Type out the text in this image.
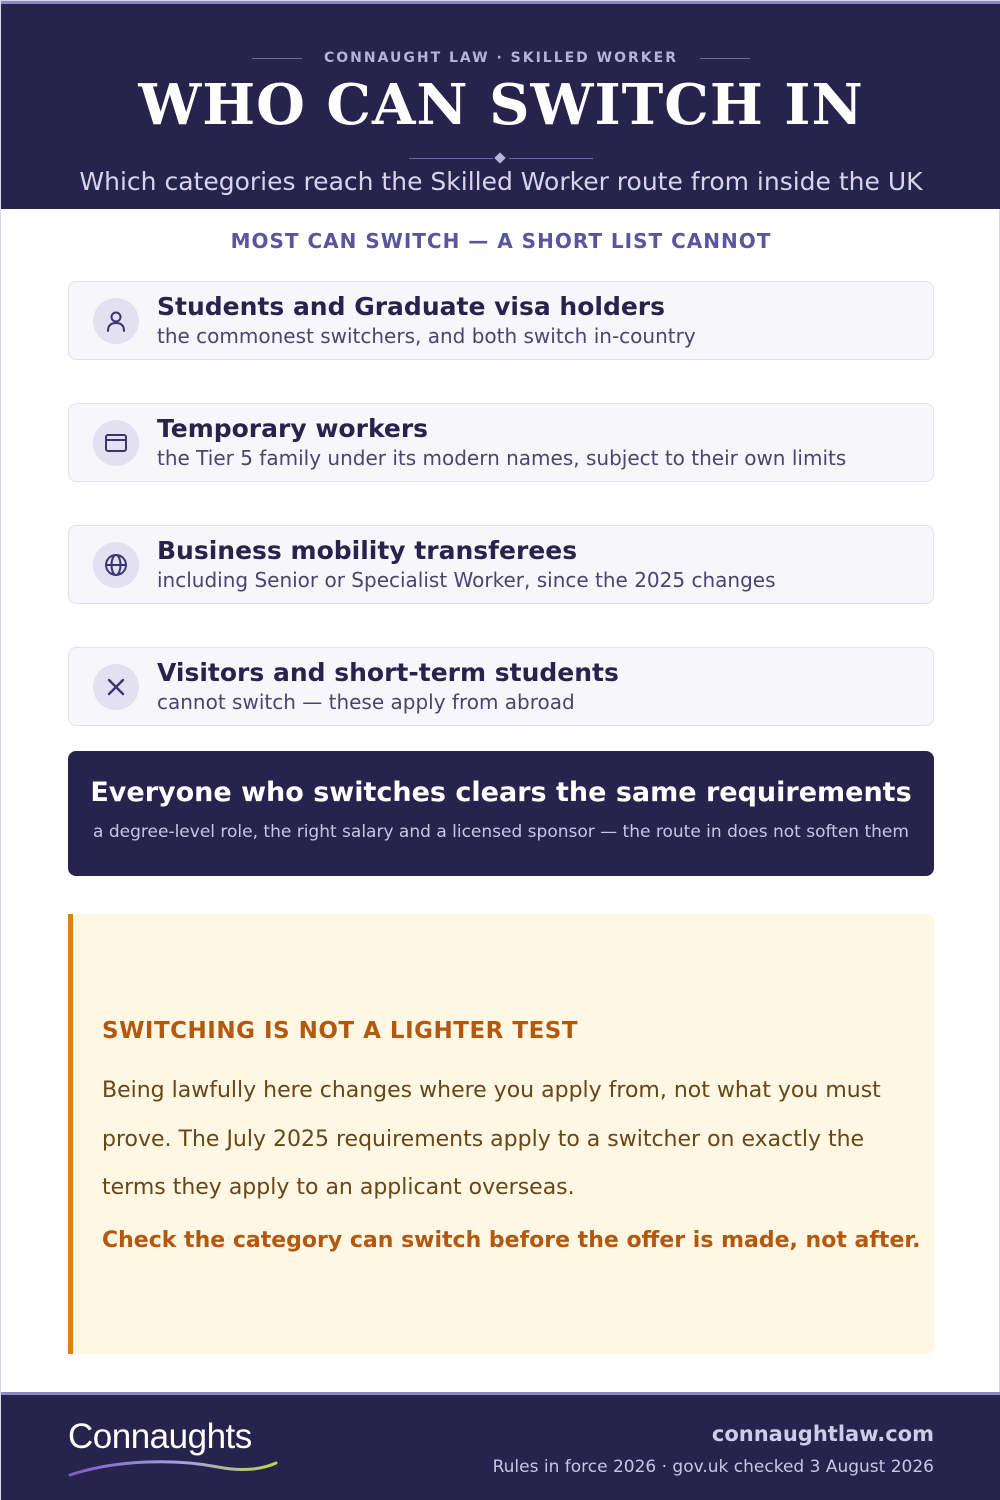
CONNAUGHT LAW · SKILLED WORKER
WHO CAN SWITCH IN
Which categories reach the Skilled Worker route from inside the UK
MOST CAN SWITCH — A SHORT LIST CANNOT
Students and Graduate visa holders
the commonest switchers, and both switch in-country
Temporary workers
the Tier 5 family under its modern names, subject to their own limits
Business mobility transferees
including Senior or Specialist Worker, since the 2025 changes
Visitors and short-term students
cannot switch — these apply from abroad
Everyone who switches clears the same requirements
a degree-level role, the right salary and a licensed sponsor — the route in does not soften them
SWITCHING IS NOT A LIGHTER TEST
Being lawfully here changes where you apply from, not what you must prove. The July 2025 requirements apply to a switcher on exactly the terms they apply to an applicant overseas.
Check the category can switch before the offer is made, not after.
Connaughts	connaughtlaw.com
Rules in force 2026 · gov.uk checked 3 August 2026
